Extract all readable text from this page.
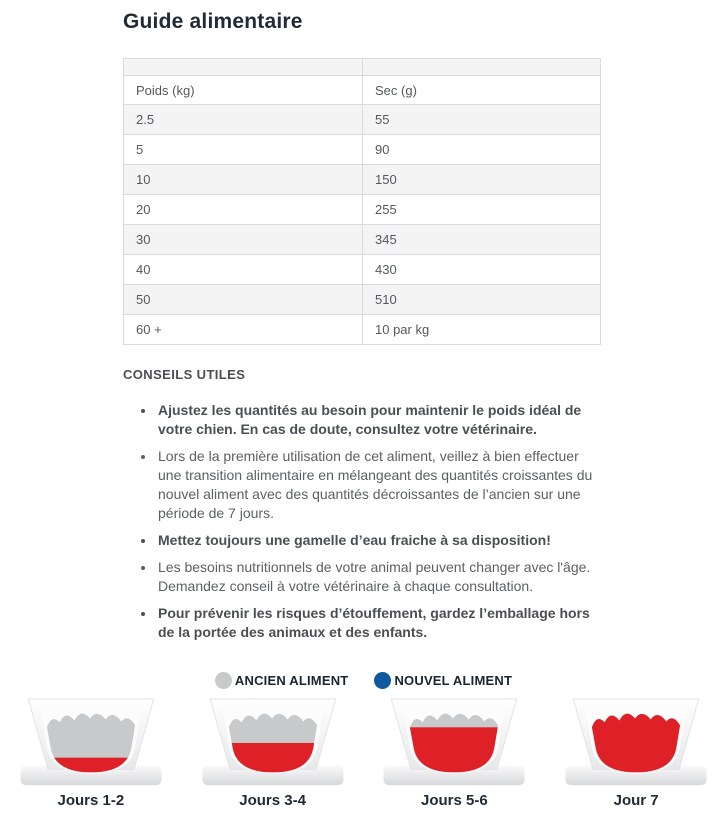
Guide alimentaire

Poids (kg)	Sec (g)
2.5	55
5	90
10	150
20	255
30	345
40	430
50	510
60 +	10 par kg
CONSEILS UTILES
• Ajustez les quantités au besoin pour maintenir le poids idéal de votre chien. En cas de doute, consultez votre vétérinaire.
• Lors de la première utilisation de cet aliment, veillez à bien effectuer une transition alimentaire en mélangeant des quantités croissantes du nouvel aliment avec des quantités décroissantes de l’ancien sur une période de 7 jours.
• Mettez toujours une gamelle d’eau fraiche à sa disposition!
• Les besoins nutritionnels de votre animal peuvent changer avec l'âge. Demandez conseil à votre vétérinaire à chaque consultation.
• Pour prévenir les risques d’étouffement, gardez l’emballage hors de la portée des animaux et des enfants.
ANCIEN ALIMENT	NOUVEL ALIMENT
Jours 1-2	Jours 3-4	Jours 5-6	Jour 7
